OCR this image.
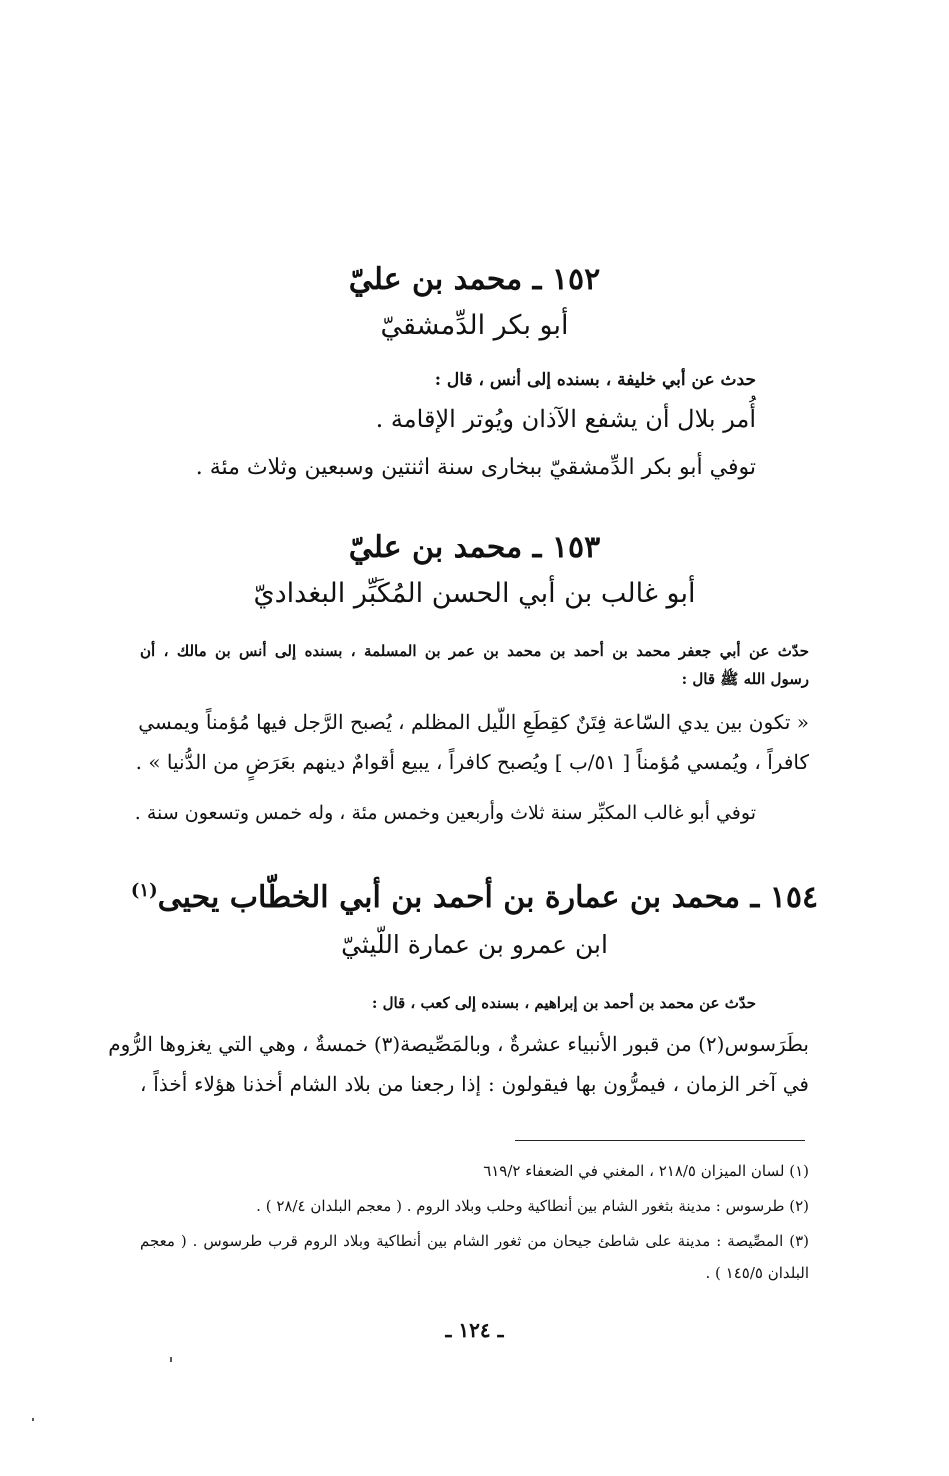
١٥٢ ـ محمد بن عليّ
أبو بكر الدِّمشقيّ
حدث عن أبي خليفة ، بسنده إلى أنس ، قال :
أُمر بلال أن يشفع الآذان ويُوتر الإقامة .
توفي أبو بكر الدِّمشقيّ ببخارى سنة اثنتين وسبعين وثلاث مئة .
١٥٣ ـ محمد بن عليّ
أبو غالب بن أبي الحسن المُكَبِّر البغداديّ
حدّث عن أبي جعفر محمد بن أحمد بن محمد بن عمر بن المسلمة ، بسنده إلى أنس بن مالك ، أن
رسول الله ﷺ قال :
« تكون بين يدي السّاعة فِتَنٌ كقِطَعِ اللّيل المظلم ، يُصبح الرَّجل فيها مُؤمناً ويمسي
كافراً ، ويُمسي مُؤمناً [ ٥١/ب ] ويُصبح كافراً ، يبيع أقوامٌ دينهم بعَرَضٍ من الدُّنيا » .
توفي أبو غالب المكبِّر سنة ثلاث وأربعين وخمس مئة ، وله خمس وتسعون سنة .
١٥٤ ـ محمد بن عمارة بن أحمد بن أبي الخطّاب يحيى$^{(١)}$
ابن عمرو بن عمارة اللّيثيّ
حدّث عن محمد بن أحمد بن إبراهيم ، بسنده إلى كعب ، قال :
بطَرَسوس(٢) من قبور الأنبياء عشرةٌ ، وبالمَصِّيصة(٣) خمسةٌ ، وهي التي يغزوها الرُّوم
في آخر الزمان ، فيمرُّون بها فيقولون : إذا رجعنا من بلاد الشام أخذنا هؤلاء أخذاً ،
(١) لسان الميزان ٢١٨/٥ ، المغني في الضعفاء ٦١٩/٢
(٢) طرسوس : مدينة بثغور الشام بين أنطاكية وحلب وبلاد الروم . ( معجم البلدان ٢٨/٤ ) .
(٣) المصِّيصة : مدينة على شاطئ جيحان من ثغور الشام بين أنطاكية وبلاد الروم قرب طرسوس . ( معجم
البلدان ١٤٥/٥ ) .
ـ ١٢٤ ـ
